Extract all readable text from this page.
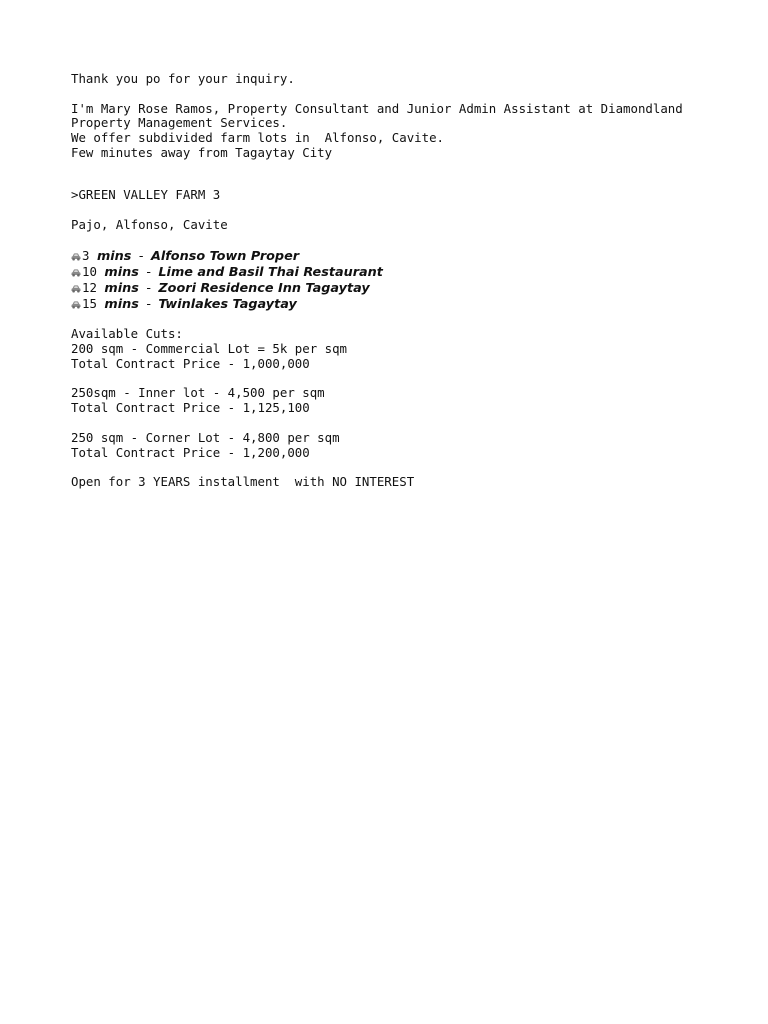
Thank you po for your inquiry.
I'm Mary Rose Ramos, Property Consultant and Junior Admin Assistant at Diamondland
Property Management Services.
We offer subdivided farm lots in  Alfonso, Cavite.
Few minutes away from Tagaytay City
>GREEN VALLEY FARM 3
Pajo, Alfonso, Cavite
3 mins - Alfonso Town Proper
10 mins - Lime and Basil Thai Restaurant
12 mins - Zoori Residence Inn Tagaytay
15 mins - Twinlakes Tagaytay
Available Cuts:
200 sqm - Commercial Lot = 5k per sqm
Total Contract Price - 1,000,000
250sqm - Inner lot - 4,500 per sqm
Total Contract Price - 1,125,100
250 sqm - Corner Lot - 4,800 per sqm
Total Contract Price - 1,200,000
Open for 3 YEARS installment  with NO INTEREST
